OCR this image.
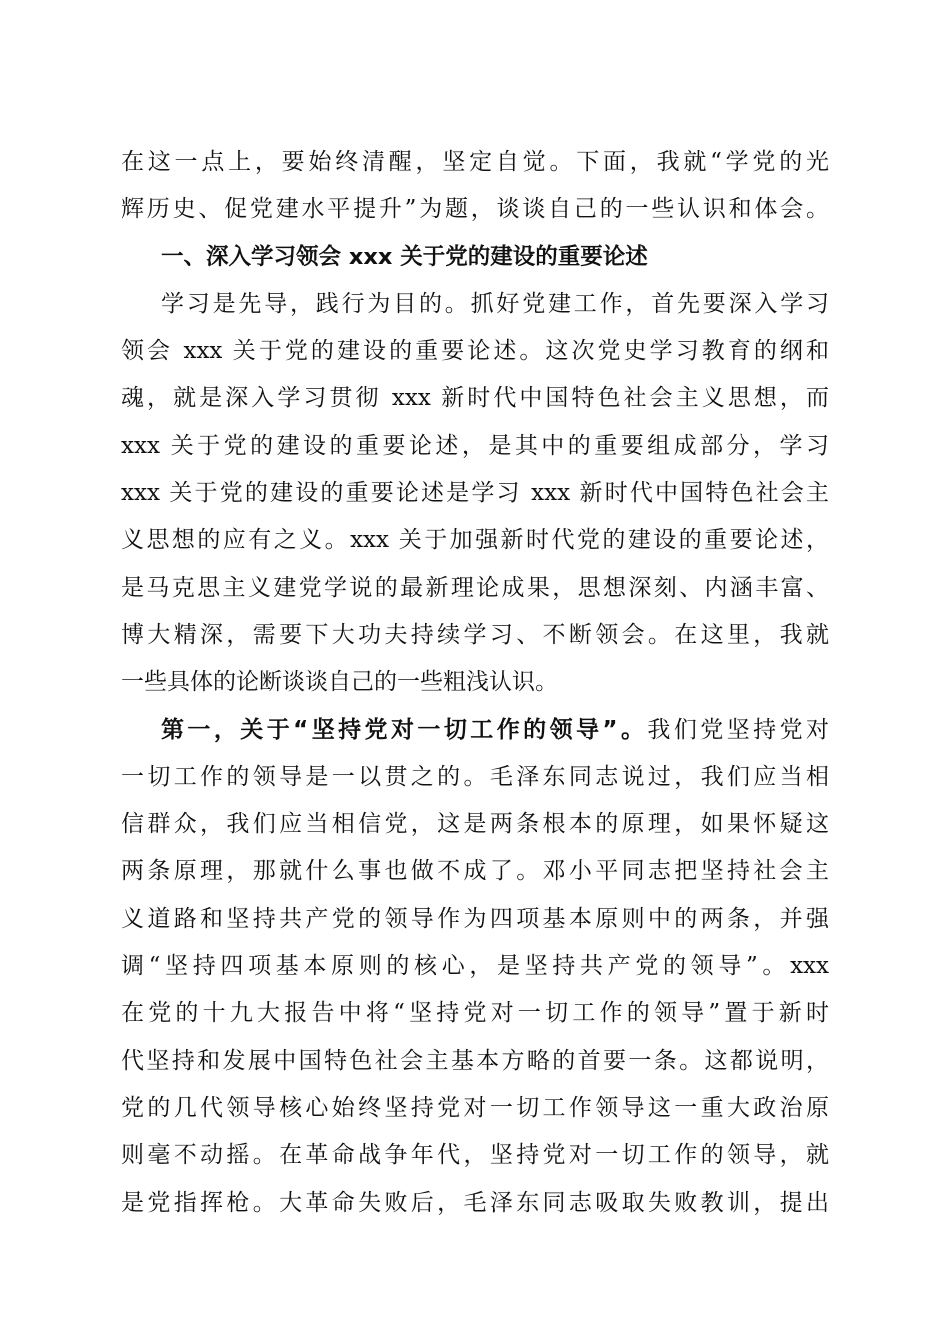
在这一点上，要始终清醒，坚定自觉。下面，我就“学党的光
辉历史、促党建水平提升”为题，谈谈自己的一些认识和体会。
一、深入学习领会 xxx 关于党的建设的重要论述
学习是先导，践行为目的。抓好党建工作，首先要深入学习
领会 xxx 关于党的建设的重要论述。这次党史学习教育的纲和
魂，就是深入学习贯彻 xxx 新时代中国特色社会主义思想，而
xxx 关于党的建设的重要论述，是其中的重要组成部分，学习
xxx 关于党的建设的重要论述是学习 xxx 新时代中国特色社会主
义思想的应有之义。xxx 关于加强新时代党的建设的重要论述，
是马克思主义建党学说的最新理论成果，思想深刻、内涵丰富、
博大精深，需要下大功夫持续学习、不断领会。在这里，我就
一些具体的论断谈谈自己的一些粗浅认识。
第一，关于“坚持党对一切工作的领导”。我们党坚持党对
一切工作的领导是一以贯之的。毛泽东同志说过，我们应当相
信群众，我们应当相信党，这是两条根本的原理，如果怀疑这
两条原理，那就什么事也做不成了。邓小平同志把坚持社会主
义道路和坚持共产党的领导作为四项基本原则中的两条，并强
调“坚持四项基本原则的核心，是坚持共产党的领导”。xxx
在党的十九大报告中将“坚持党对一切工作的领导”置于新时
代坚持和发展中国特色社会主基本方略的首要一条。这都说明，
党的几代领导核心始终坚持党对一切工作领导这一重大政治原
则毫不动摇。在革命战争年代，坚持党对一切工作的领导，就
是党指挥枪。大革命失败后，毛泽东同志吸取失败教训，提出
